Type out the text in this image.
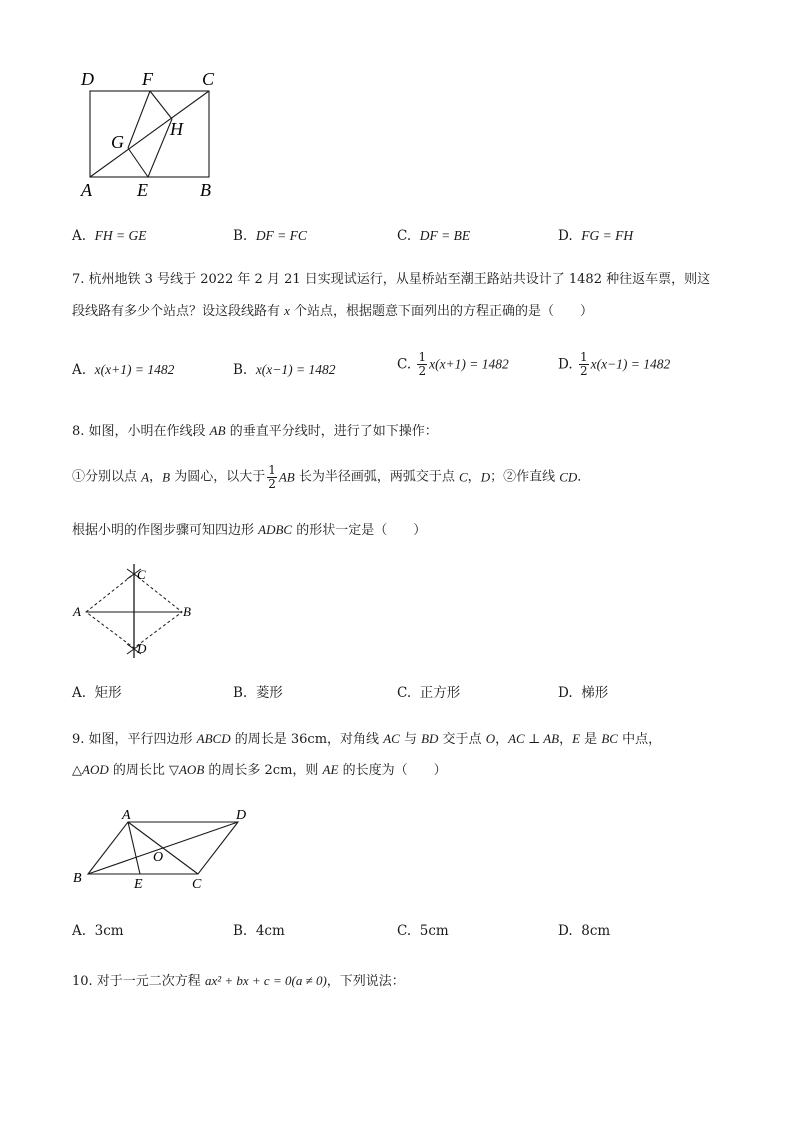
D	F	C
G
H
A	E	B
A. FH = GE	B. DF = FC	C. DF = BE	D. FG = FH
7. 杭州地铁 3 号线于 2022 年 2 月 21 日实现试运行，从星桥站至潮王路站共设计了 1482 种往返车票，则这
段线路有多少个站点？设这段线路有 x 个站点，根据题意下面列出的方程正确的是（　　）
A. x(x+1) = 1482	B. x(x−1) = 1482	C. $\frac{1}{2} x(x+1) = 1482$	D. $\frac{1}{2} x(x-1) = 1482$
8. 如图，小明在作线段 AB 的垂直平分线时，进行了如下操作：
①分别以点 A，B 为圆心，以大于 $\frac{1}{2}$ AB 长为半径画弧，两弧交于点 C，D；②作直线 CD．
根据小明的作图步骤可知四边形 ADBC 的形状一定是（　　）
A	B
C
D
A. 矩形	B. 菱形	C. 正方形	D. 梯形
9. 如图，平行四边形 ABCD 的周长是 36cm，对角线 AC 与 BD 交于点 O，AC ⊥ AB，E 是 BC 中点，
△AOD 的周长比 ▽AOB 的周长多 2cm，则 AE 的长度为（　　）
A	D
O
B	E	C
A. 3cm	B. 4cm	C. 5cm	D. 8cm
10. 对于一元二次方程 ax² + bx + c = 0(a ≠ 0)，下列说法：
